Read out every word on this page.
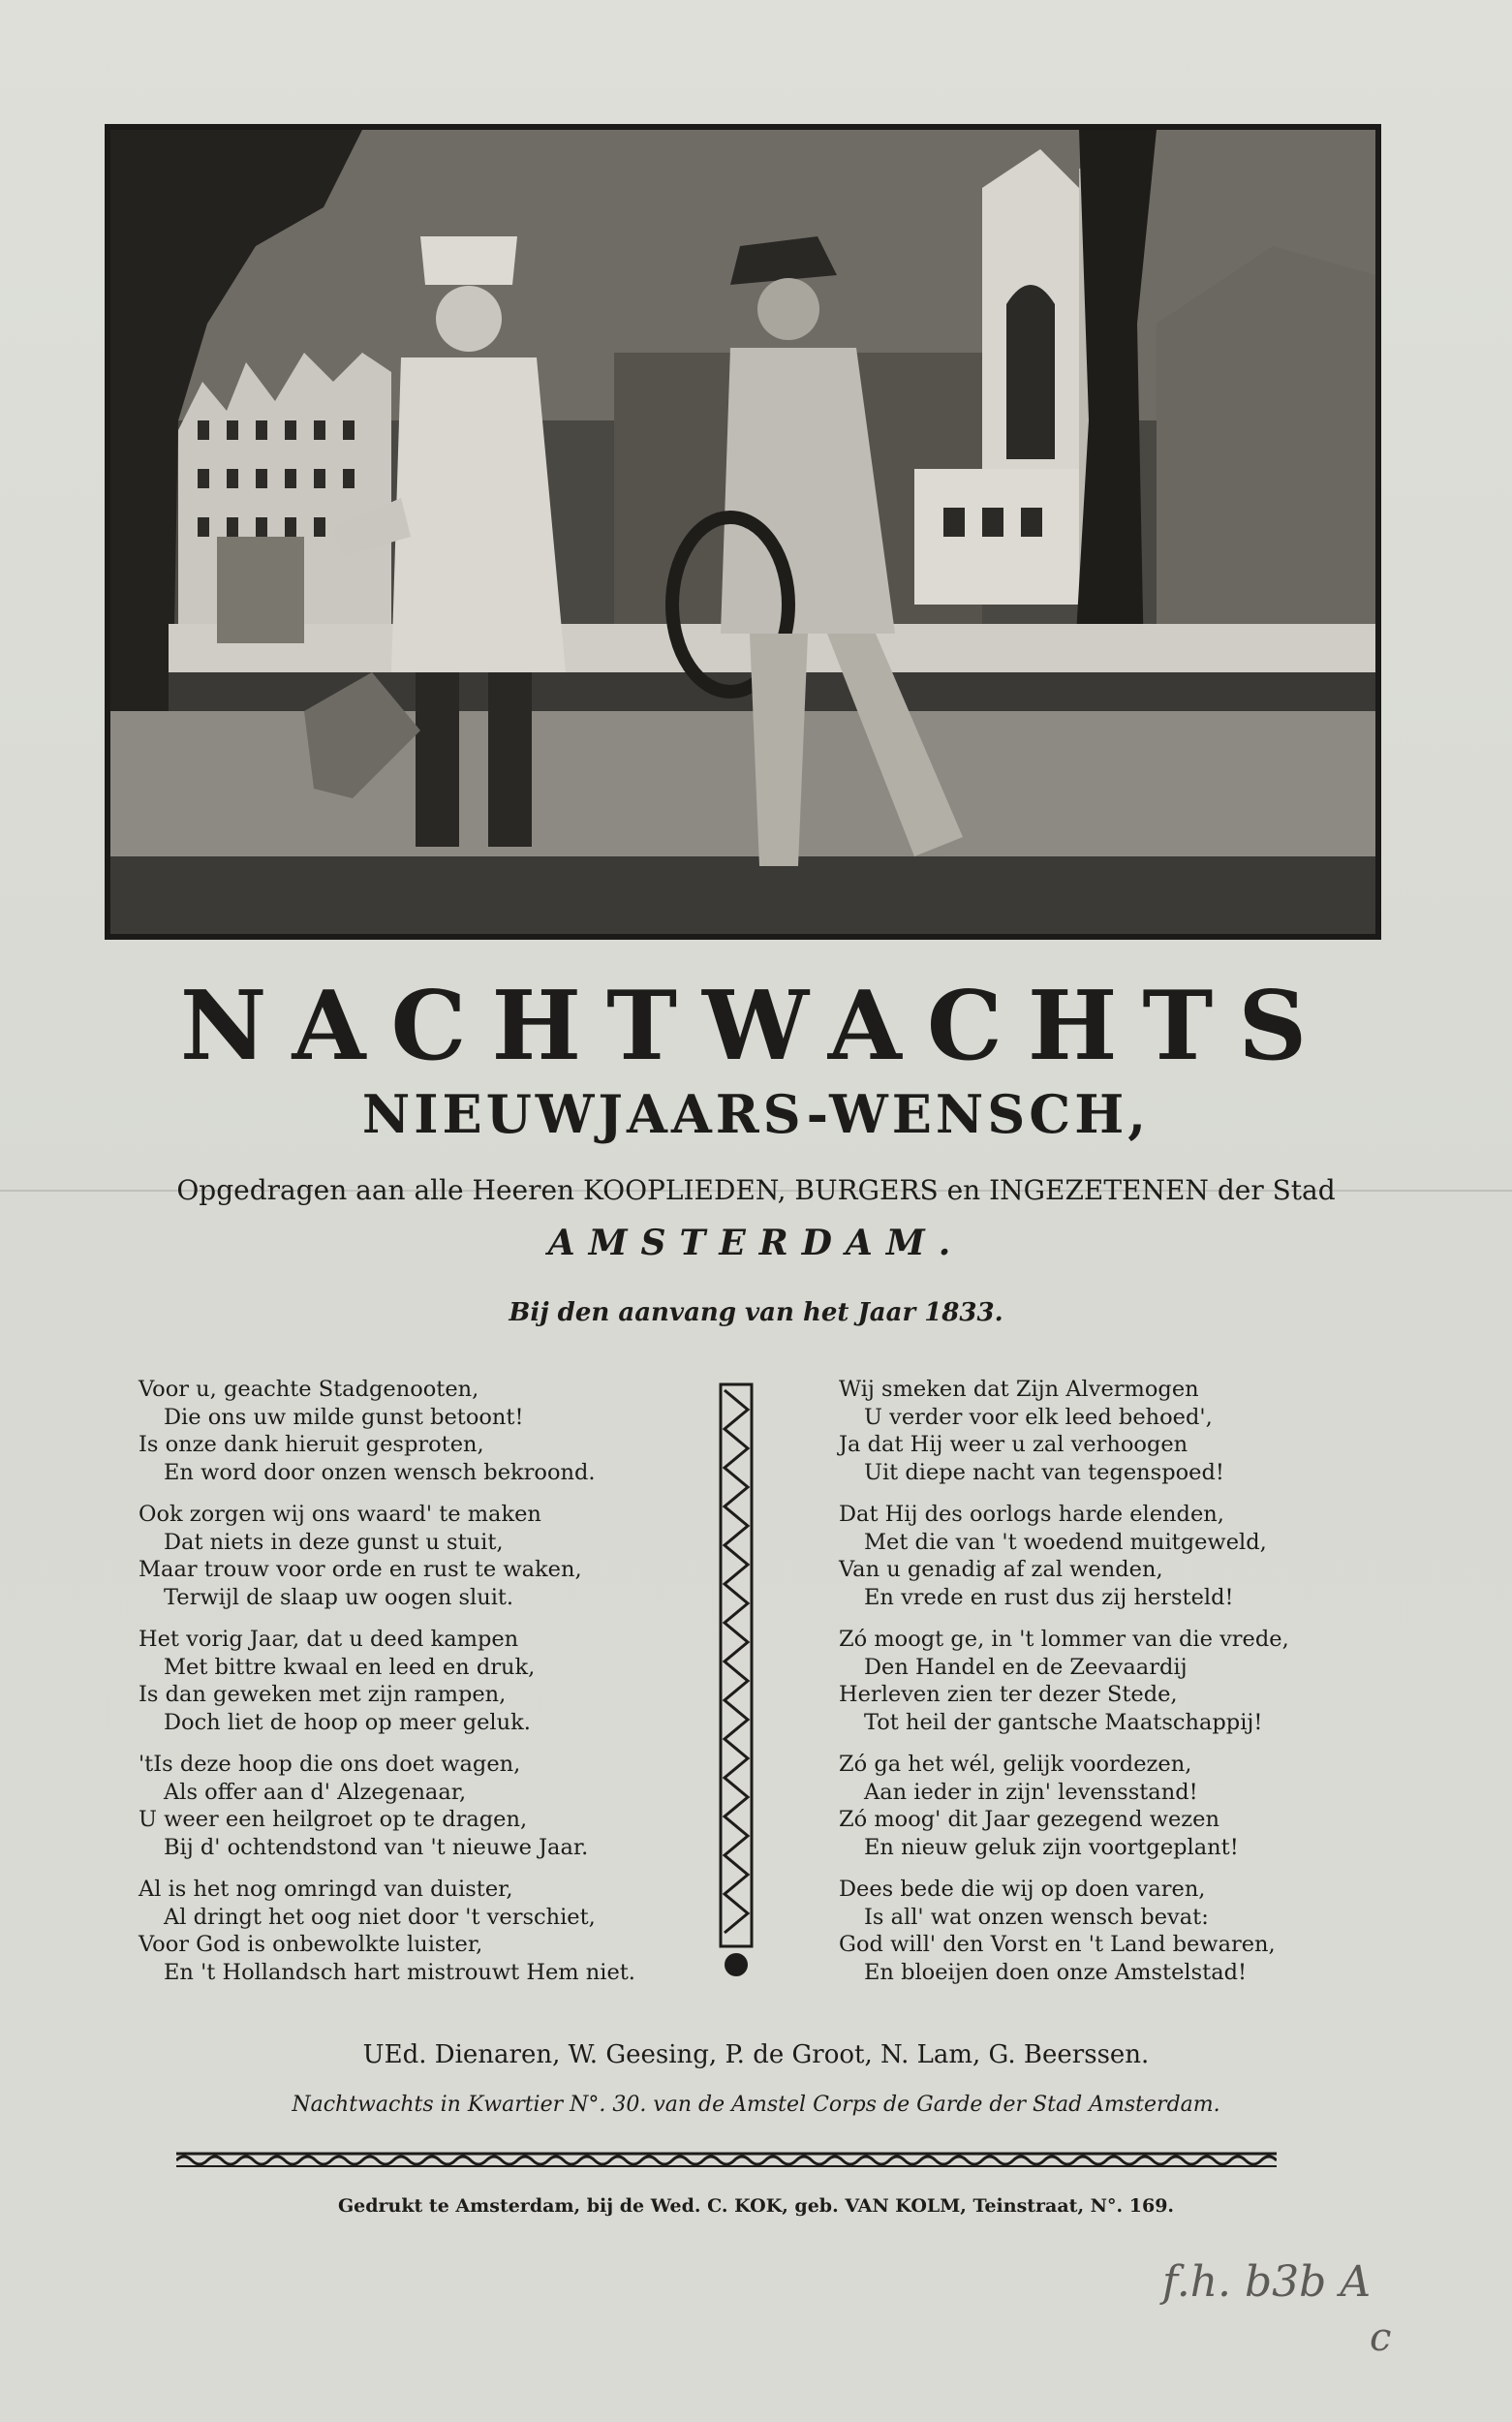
NACHTWACHTS
NIEUWJAARS-WENSCH,
Opgedragen aan alle Heeren KOOPLIEDEN, BURGERS en INGEZETENEN der Stad
AMSTERDAM.
Bij den aanvang van het Jaar 1833.
Voor u, geachte Stadgenooten,
Die ons uw milde gunst betoont!
Is onze dank hieruit gesproten,
En word door onzen wensch bekroond.
Ook zorgen wij ons waard' te maken
Dat niets in deze gunst u stuit,
Maar trouw voor orde en rust te waken,
Terwijl de slaap uw oogen sluit.
Het vorig Jaar, dat u deed kampen
Met bittre kwaal en leed en druk,
Is dan geweken met zijn rampen,
Doch liet de hoop op meer geluk.
'tIs deze hoop die ons doet wagen,
Als offer aan d' Alzegenaar,
U weer een heilgroet op te dragen,
Bij d' ochtendstond van 't nieuwe Jaar.
Al is het nog omringd van duister,
Al dringt het oog niet door 't verschiet,
Voor God is onbewolkte luister,
En 't Hollandsch hart mistrouwt Hem niet.
Wij smeken dat Zijn Alvermogen
U verder voor elk leed behoed',
Ja dat Hij weer u zal verhoogen
Uit diepe nacht van tegenspoed!
Dat Hij des oorlogs harde elenden,
Met die van 't woedend muitgeweld,
Van u genadig af zal wenden,
En vrede en rust dus zij hersteld!
Zó moogt ge, in 't lommer van die vrede,
Den Handel en de Zeevaardij
Herleven zien ter dezer Stede,
Tot heil der gantsche Maatschappij!
Zó ga het wél, gelijk voordezen,
Aan ieder in zijn' levensstand!
Zó moog' dit Jaar gezegend wezen
En nieuw geluk zijn voortgeplant!
Dees bede die wij op doen varen,
Is all' wat onzen wensch bevat:
God will' den Vorst en 't Land bewaren,
En bloeijen doen onze Amstelstad!
UEd. Dienaren, W. Geesing, P. de Groot, N. Lam, G. Beerssen.
Nachtwachts in Kwartier N°. 30. van de Amstel Corps de Garde der Stad Amsterdam.
Gedrukt te Amsterdam, bij de Wed. C. KOK, geb. VAN KOLM, Teinstraat, N°. 169.
f.h. b3b A
c
